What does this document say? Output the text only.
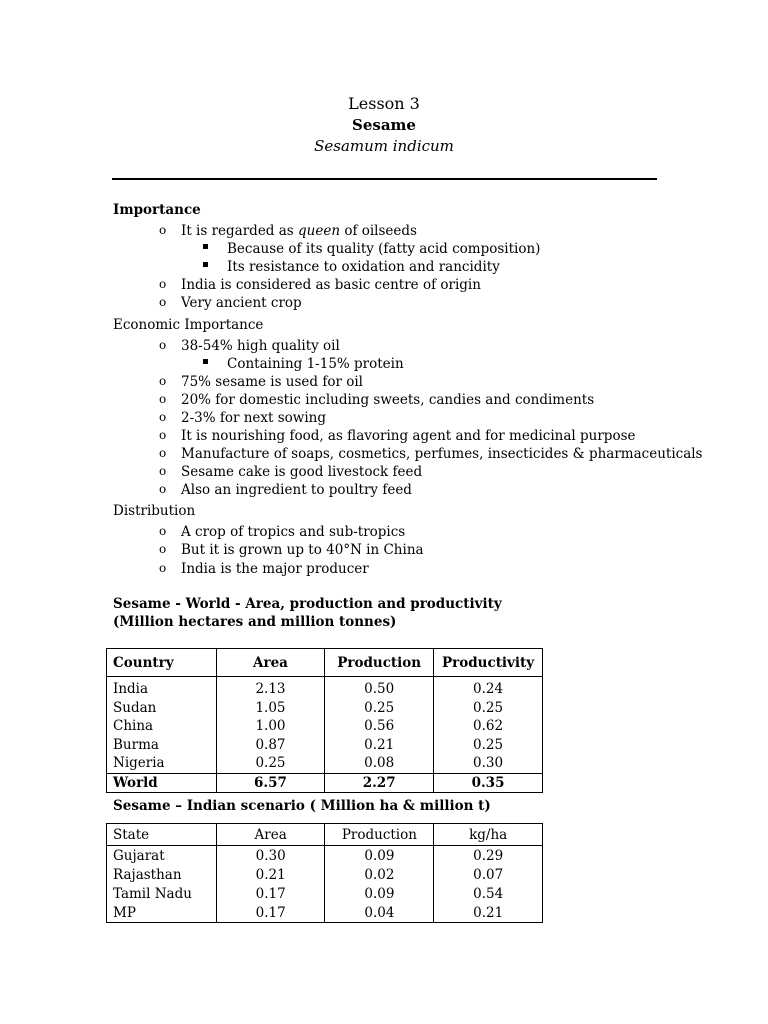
Lesson 3
Sesame
Sesamum indicum
Importance
o It is regarded as queen of oilseeds
Because of its quality (fatty acid composition)
Its resistance to oxidation and rancidity
o India is considered as basic centre of origin
o Very ancient crop
Economic Importance
o 38-54% high quality oil
Containing 1-15% protein
o 75% sesame is used for oil
o 20% for domestic including sweets, candies and condiments
o 2-3% for next sowing
o It is nourishing food, as flavoring agent and for medicinal purpose
o Manufacture of soaps, cosmetics, perfumes, insecticides & pharmaceuticals
o Sesame cake is good livestock feed
o Also an ingredient to poultry feed
Distribution
o A crop of tropics and sub-tropics
o But it is grown up to 40°N in China
o India is the major producer
Sesame - World - Area, production and productivity
(Million hectares and million tonnes)
Country	Area	Production	Productivity
India	2.13	0.50	0.24
Sudan	1.05	0.25	0.25
China	1.00	0.56	0.62
Burma	0.87	0.21	0.25
Nigeria	0.25	0.08	0.30
World	6.57	2.27	0.35
Sesame – Indian scenario ( Million ha & million t)
State	Area	Production	kg/ha
Gujarat	0.30	0.09	0.29
Rajasthan	0.21	0.02	0.07
Tamil Nadu	0.17	0.09	0.54
MP	0.17	0.04	0.21
